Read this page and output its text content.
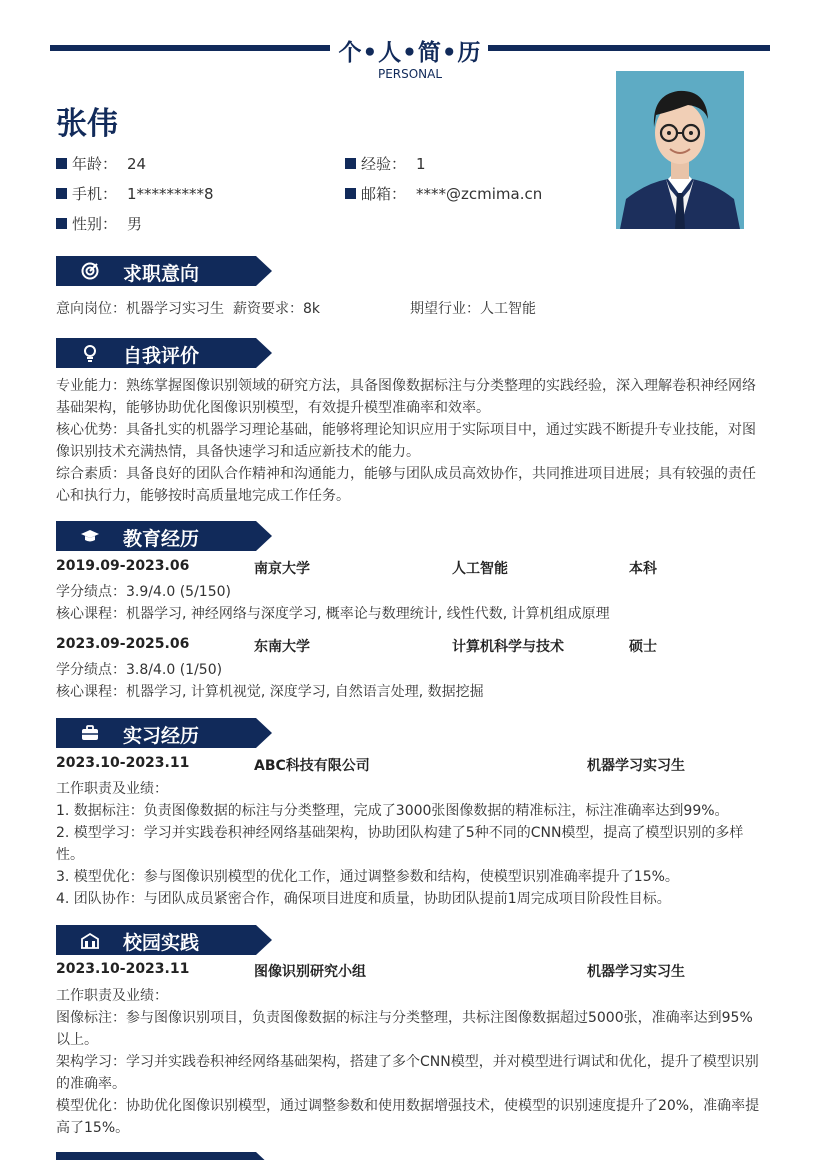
个•人•简•历
PERSONAL
张伟
年龄： 24	经验： 1
手机： 1*********8	邮箱： ****@zcmima.cn
性别： 男
求职意向
意向岗位：机器学习实习生 薪资要求：8k	期望行业：人工智能
自我评价
专业能力：熟练掌握图像识别领域的研究方法，具备图像数据标注与分类整理的实践经验，深入理解卷积神经网络基础架构，能够协助优化图像识别模型，有效提升模型准确率和效率。
核心优势：具备扎实的机器学习理论基础，能够将理论知识应用于实际项目中，通过实践不断提升专业技能，对图像识别技术充满热情，具备快速学习和适应新技术的能力。
综合素质：具备良好的团队合作精神和沟通能力，能够与团队成员高效协作，共同推进项目进展；具有较强的责任心和执行力，能够按时高质量地完成工作任务。
教育经历
2019.09-2023.06	南京大学	人工智能	本科
学分绩点：3.9/4.0 (5/150)
核心课程：机器学习, 神经网络与深度学习, 概率论与数理统计, 线性代数, 计算机组成原理
2023.09-2025.06	东南大学	计算机科学与技术	硕士
学分绩点：3.8/4.0 (1/50)
核心课程：机器学习, 计算机视觉, 深度学习, 自然语言处理, 数据挖掘
实习经历
2023.10-2023.11	ABC科技有限公司	机器学习实习生
工作职责及业绩：
1. 数据标注：负责图像数据的标注与分类整理，完成了3000张图像数据的精准标注，标注准确率达到99%。
2. 模型学习：学习并实践卷积神经网络基础架构，协助团队构建了5种不同的CNN模型，提高了模型识别的多样性。
3. 模型优化：参与图像识别模型的优化工作，通过调整参数和结构，使模型识别准确率提升了15%。
4. 团队协作：与团队成员紧密合作，确保项目进度和质量，协助团队提前1周完成项目阶段性目标。
校园实践
2023.10-2023.11	图像识别研究小组	机器学习实习生
工作职责及业绩：
图像标注：参与图像识别项目，负责图像数据的标注与分类整理，共标注图像数据超过5000张，准确率达到95%以上。
架构学习：学习并实践卷积神经网络基础架构，搭建了多个CNN模型，并对模型进行调试和优化，提升了模型识别的准确率。
模型优化：协助优化图像识别模型，通过调整参数和使用数据增强技术，使模型的识别速度提升了20%，准确率提高了15%。
